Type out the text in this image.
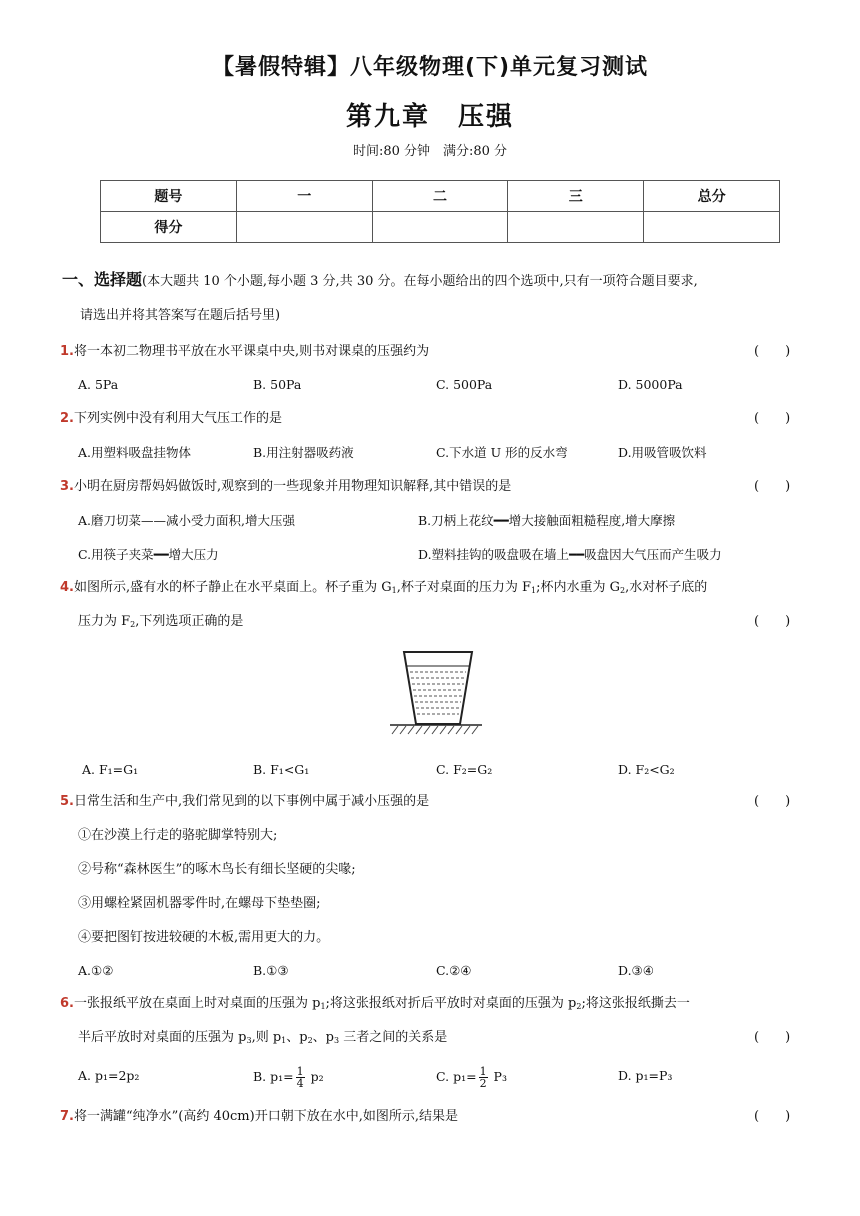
【暑假特辑】八年级物理(下)单元复习测试
第九章　压强
时间:80 分钟　满分:80 分
题号	一	二	三	总分
得分				
一、选择题(本大题共 10 个小题,每小题 3 分,共 30 分。在每小题给出的四个选项中,只有一项符合题目要求,
请选出并将其答案写在题后括号里)
1.将一本初二物理书平放在水平课桌中央,则书对课桌的压强约为	(　　)
A. 5Pa	B. 50Pa	C. 500Pa	D. 5000Pa
2.下列实例中没有利用大气压工作的是	(　　)
A.用塑料吸盘挂物体	B.用注射器吸药液	C.下水道 U 形的反水弯	D.用吸管吸饮料
3.小明在厨房帮妈妈做饭时,观察到的一些现象并用物理知识解释,其中错误的是	(　　)
A.磨刀切菜——减小受力面积,增大压强	B.刀柄上花纹━━增大接触面粗糙程度,增大摩擦
C.用筷子夹菜━━增大压力	D.塑料挂钩的吸盘吸在墙上━━吸盘因大气压而产生吸力
4.如图所示,盛有水的杯子静止在水平桌面上。杯子重为 $G_1$,杯子对桌面的压力为 $F_1$;杯内水重为 $G_2$,水对杯子底的
压力为 $F_2$,下列选项正确的是	(　　)
A. F₁=G₁	B. F₁<G₁	C. F₂=G₂	D. F₂<G₂
5.日常生活和生产中,我们常见到的以下事例中属于减小压强的是	(　　)
①在沙漠上行走的骆驼脚掌特别大;
②号称“森林医生”的啄木鸟长有细长坚硬的尖喙;
③用螺栓紧固机器零件时,在螺母下垫垫圈;
④要把图钉按进较硬的木板,需用更大的力。
A.①②	B.①③	C.②④	D.③④
6.一张报纸平放在桌面上时对桌面的压强为 $p_1$;将这张报纸对折后平放时对桌面的压强为 $p_2$;将这张报纸撕去一
半后平放时对桌面的压强为 $p_3$,则 $p_1$、$p_2$、$p_3$ 三者之间的关系是	(　　)
A. p₁=2p₂	B. $p_1= \frac{1}{4} p_2$	C. $p_1= \frac{1}{2} P_3$	D. p₁=P₃
7.将一满罐“纯净水”(高约 40cm)开口朝下放在水中,如图所示,结果是	(　　)
